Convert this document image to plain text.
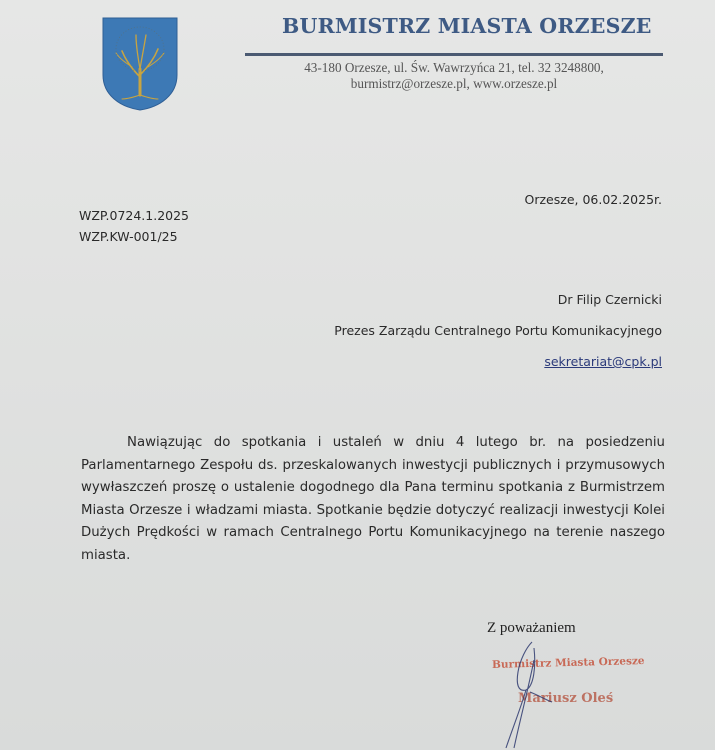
BURMISTRZ MIASTA ORZESZE
43-180 Orzesze, ul. Św. Wawrzyńca 21, tel. 32 3248800,
burmistrz@orzesze.pl, www.orzesze.pl
Orzesze, 06.02.2025r.
WZP.0724.1.2025
WZP.KW-001/25
Dr Filip Czernicki
Prezes Zarządu Centralnego Portu Komunikacyjnego
sekretariat@cpk.pl
Nawiązując do spotkania i ustaleń w dniu 4 lutego br. na posiedzeniu Parlamentarnego Zespołu ds. przeskalowanych inwestycji publicznych i przymusowych wywłaszczeń proszę o ustalenie dogodnego dla Pana terminu spotkania z Burmistrzem Miasta Orzesze i władzami miasta. Spotkanie będzie dotyczyć realizacji inwestycji Kolei Dużych Prędkości w ramach Centralnego Portu Komunikacyjnego na terenie naszego miasta.
Z poważaniem
Burmistrz Miasta Orzesze
Mariusz Oleś
